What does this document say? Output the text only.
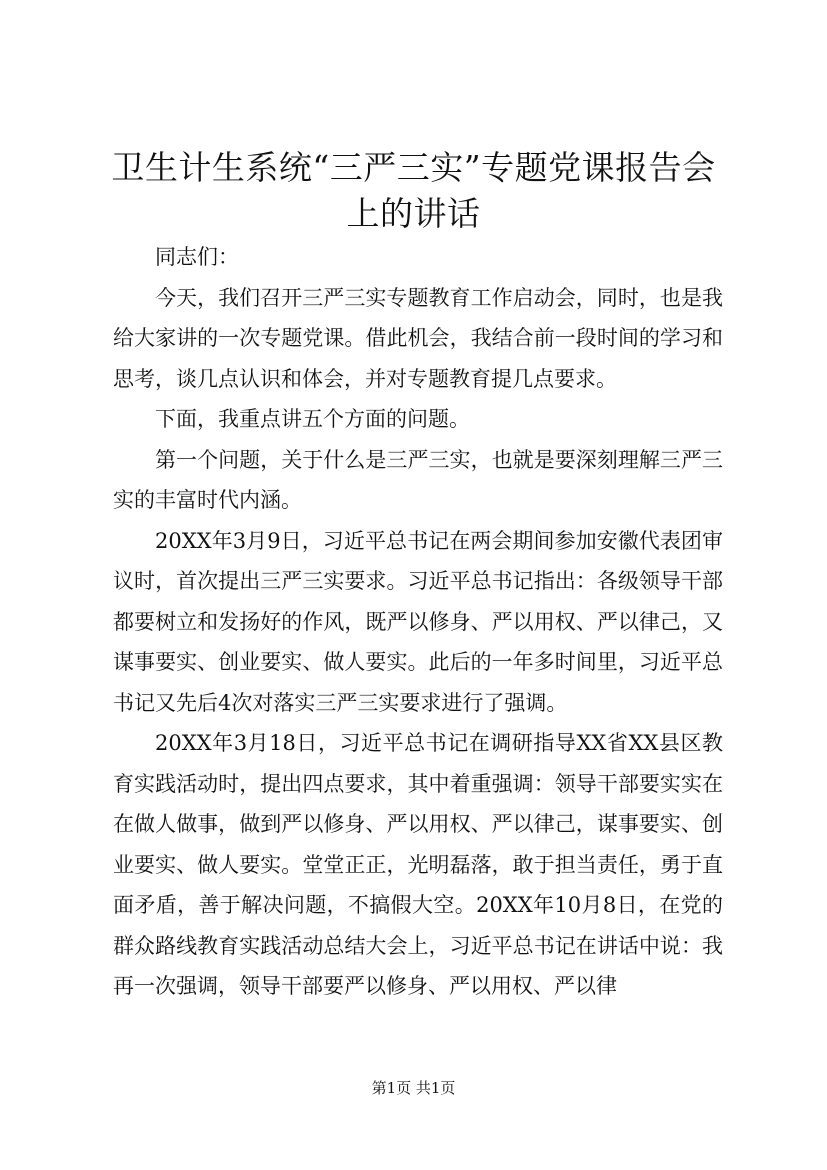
卫生计生系统“三严三实”专题党课报告会上的讲话

同志们：

今天，我们召开三严三实专题教育工作启动会，同时，也是我给大家讲的一次专题党课。借此机会，我结合前一段时间的学习和思考，谈几点认识和体会，并对专题教育提几点要求。

下面，我重点讲五个方面的问题。

第一个问题，关于什么是三严三实，也就是要深刻理解三严三实的丰富时代内涵。

20XX年3月9日，习近平总书记在两会期间参加安徽代表团审议时，首次提出三严三实要求。习近平总书记指出：各级领导干部都要树立和发扬好的作风，既严以修身、严以用权、严以律己，又谋事要实、创业要实、做人要实。此后的一年多时间里，习近平总书记又先后4次对落实三严三实要求进行了强调。

20XX年3月18日，习近平总书记在调研指导XX省XX县区教育实践活动时，提出四点要求，其中着重强调：领导干部要实实在在做人做事，做到严以修身、严以用权、严以律己，谋事要实、创业要实、做人要实。堂堂正正，光明磊落，敢于担当责任，勇于直面矛盾，善于解决问题，不搞假大空。20XX年10月8日，在党的群众路线教育实践活动总结大会上，习近平总书记在讲话中说：我再一次强调，领导干部要严以修身、严以用权、严以律

第1页 共1页
